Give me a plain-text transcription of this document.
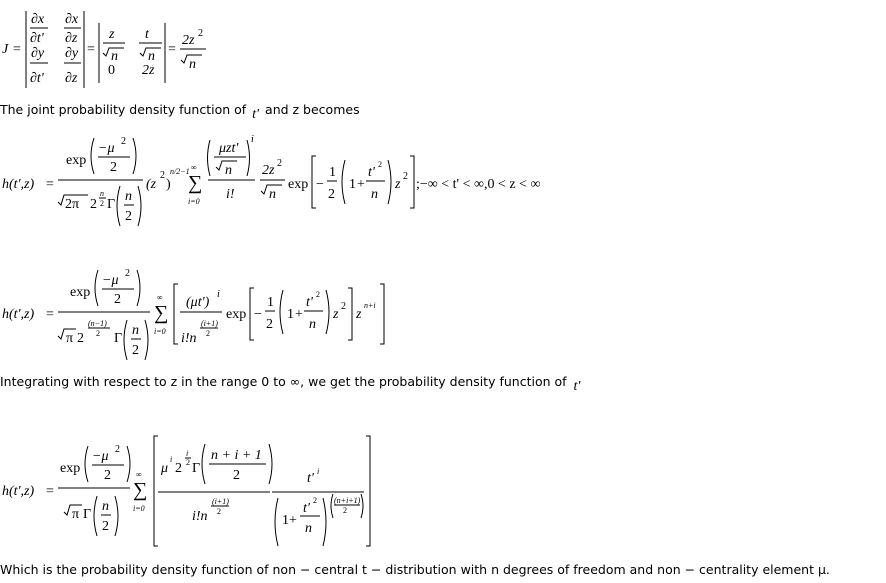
J =
∂x
∂t'
∂y
∂t'
∂x
∂z
∂y
∂z
=
z
n
t
n
0 2z
=
2z 2
n
The joint probability density function of t' and z becomes
h(t',z) =
exp
−μ 2
2
2π 2
n
2 Γ
n
2
(z
2
)
n/2−1
∑
∞
i=0
μzt'
n
i
i!
2z 2
n
exp −
1
2
1 +
t'
2
n
z
2
;−∞ < t' < ∞,0 < z < ∞
h(t',z) =
exp
−μ 2
2
π 2
(n−1)
2 Γ
n
2
∑
∞
i=0
(μt')
i
i!n
(i+1)
2
exp −
1
2
1 +
t'
2
n
z
2
z
n+i
Integrating with respect to z in the range 0 to ∞, we get the probability density function of t'
h(t',z) =
exp
−μ 2
2
π Γ
n
2
∑
∞
i=0
μ
i
2
i
2 Γ
n + i + 1
2
i!n
(i+1)
2
t' i
1+
t'
2
n
(n+i+1)
2
Which is the probability density function of non − central t − distribution with n degrees of freedom and non − centrality element μ.
